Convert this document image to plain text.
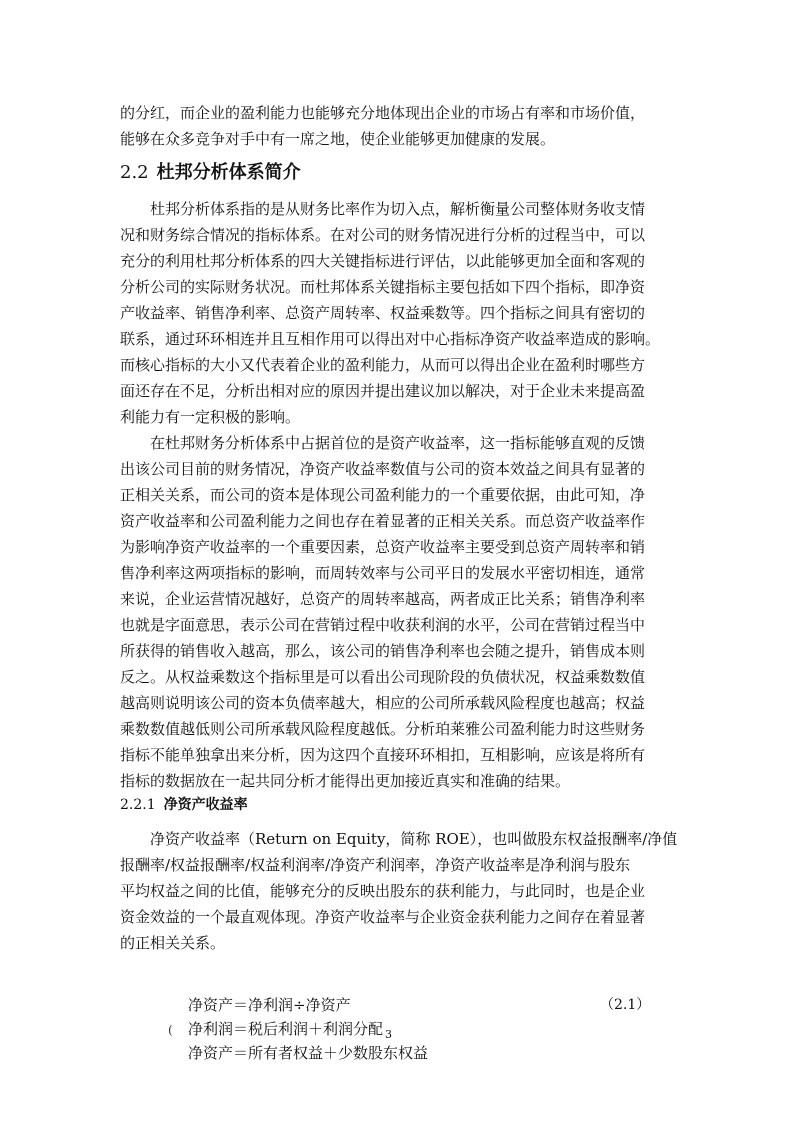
的分红，而企业的盈利能力也能够充分地体现出企业的市场占有率和市场价值，
能够在众多竞争对手中有一席之地，使企业能够更加健康的发展。
2.2 杜邦分析体系简介
杜邦分析体系指的是从财务比率作为切入点，解析衡量公司整体财务收支情
况和财务综合情况的指标体系。在对公司的财务情况进行分析的过程当中，可以
充分的利用杜邦分析体系的四大关键指标进行评估，以此能够更加全面和客观的
分析公司的实际财务状况。而杜邦体系关键指标主要包括如下四个指标，即净资
产收益率、销售净利率、总资产周转率、权益乘数等。四个指标之间具有密切的
联系，通过环环相连并且互相作用可以得出对中心指标净资产收益率造成的影响。
而核心指标的大小又代表着企业的盈利能力，从而可以得出企业在盈利时哪些方
面还存在不足，分析出相对应的原因并提出建议加以解决，对于企业未来提高盈
利能力有一定积极的影响。
在杜邦财务分析体系中占据首位的是资产收益率，这一指标能够直观的反馈
出该公司目前的财务情况，净资产收益率数值与公司的资本效益之间具有显著的
正相关关系，而公司的资本是体现公司盈利能力的一个重要依据，由此可知，净
资产收益率和公司盈利能力之间也存在着显著的正相关关系。而总资产收益率作
为影响净资产收益率的一个重要因素，总资产收益率主要受到总资产周转率和销
售净利率这两项指标的影响，而周转效率与公司平日的发展水平密切相连，通常
来说，企业运营情况越好，总资产的周转率越高，两者成正比关系；销售净利率
也就是字面意思，表示公司在营销过程中收获利润的水平，公司在营销过程当中
所获得的销售收入越高，那么，该公司的销售净利率也会随之提升，销售成本则
反之。从权益乘数这个指标里是可以看出公司现阶段的负债状况，权益乘数数值
越高则说明该公司的资本负债率越大，相应的公司所承载风险程度也越高；权益
乘数数值越低则公司所承载风险程度越低。分析珀莱雅公司盈利能力时这些财务
指标不能单独拿出来分析，因为这四个直接环环相扣，互相影响，应该是将所有
指标的数据放在一起共同分析才能得出更加接近真实和准确的结果。
2.2.1 净资产收益率
净资产收益率（Return on Equity，简称 ROE），也叫做股东权益报酬率/净值
报酬率/权益报酬率/权益利润率/净资产利润率，净资产收益率是净利润与股东
平均权益之间的比值，能够充分的反映出股东的获利能力，与此同时，也是企业
资金效益的一个最直观体现。净资产收益率与企业资金获利能力之间存在着显著
的正相关关系。
净资产＝净利润÷净资产	（2.1）
( 净利润＝税后利润＋利润分配 $_3$
净资产＝所有者权益＋少数股东权益
